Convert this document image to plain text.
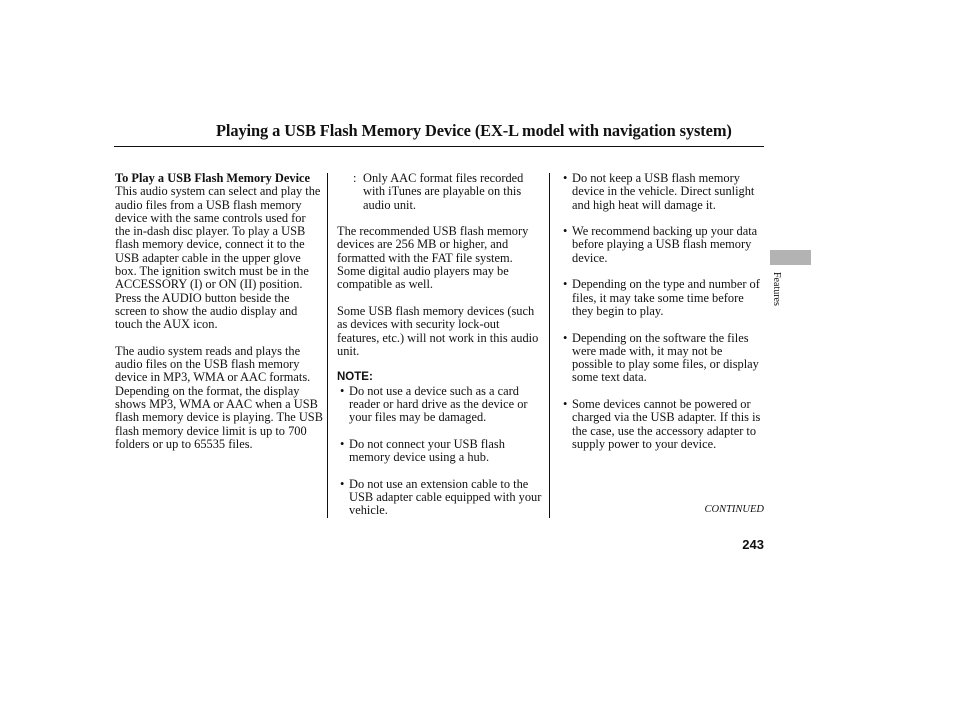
Playing a USB Flash Memory Device (EX-L model with navigation system)

To Play a USB Flash Memory Device

This audio system can select and play the audio files from a USB flash memory device with the same controls used for the in-dash disc player. To play a USB flash memory device, connect it to the USB adapter cable in the upper glove box. The ignition switch must be in the ACCESSORY (I) or ON (II) position. Press the AUDIO button beside the screen to show the audio display and touch the AUX icon.

The audio system reads and plays the audio files on the USB flash memory device in MP3, WMA or AAC formats. Depending on the format, the display shows MP3, WMA or AAC when a USB flash memory device is playing. The USB flash memory device limit is up to 700 folders or up to 65535 files.

: Only AAC format files recorded with iTunes are playable on this audio unit.

The recommended USB flash memory devices are 256 MB or higher, and formatted with the FAT file system. Some digital audio players may be compatible as well.

Some USB flash memory devices (such as devices with security lock-out features, etc.) will not work in this audio unit.

NOTE:

• Do not use a device such as a card reader or hard drive as the device or your files may be damaged.
• Do not connect your USB flash memory device using a hub.
• Do not use an extension cable to the USB adapter cable equipped with your vehicle.
• Do not keep a USB flash memory device in the vehicle. Direct sunlight and high heat will damage it.
• We recommend backing up your data before playing a USB flash memory device.
• Depending on the type and number of files, it may take some time before they begin to play.
• Depending on the software the files were made with, it may not be possible to play some files, or display some text data.
• Some devices cannot be powered or charged via the USB adapter. If this is the case, use the accessory adapter to supply power to your device.
Features
CONTINUED
243
